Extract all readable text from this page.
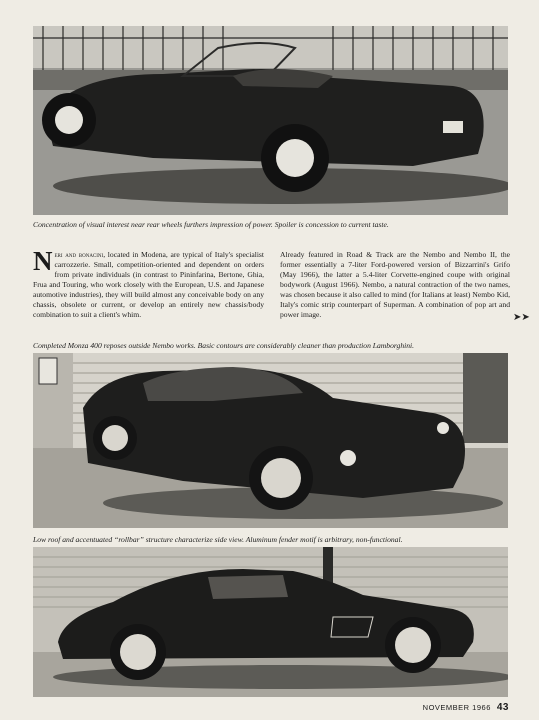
Concentration of visual interest near rear wheels furthers impression of power. Spoiler is concession to current taste.
Neri and bonacini, located in Modena, are typical of Italy's specialist carrozzerie. Small, competition-oriented and dependent on orders from private individuals (in contrast to Pininfarina, Bertone, Ghia, Frua and Touring, who work closely with the European, U.S. and Japanese automotive industries), they will build almost any conceivable body on any chassis, obsolete or current, or develop an entirely new chassis/body combination to suit a client's whim.
Already featured in Road & Track are the Nembo and Nembo II, the former essentially a 7-liter Ford-powered version of Bizzarrini's Grifo (May 1966), the latter a 5.4-liter Corvette-engined coupe with original bodywork (August 1966). Nembo, a natural contraction of the two names, was chosen because it also called to mind (for Italians at least) Nembo Kid, Italy's comic strip counterpart of Superman. A combination of pop art and power image.	➤➤
Completed Monza 400 reposes outside Nembo works. Basic contours are considerably cleaner than production Lamborghini.
Low roof and accentuated “rollbar” structure characterize side view. Aluminum fender motif is arbitrary, non-functional.
NOVEMBER 1966 43
